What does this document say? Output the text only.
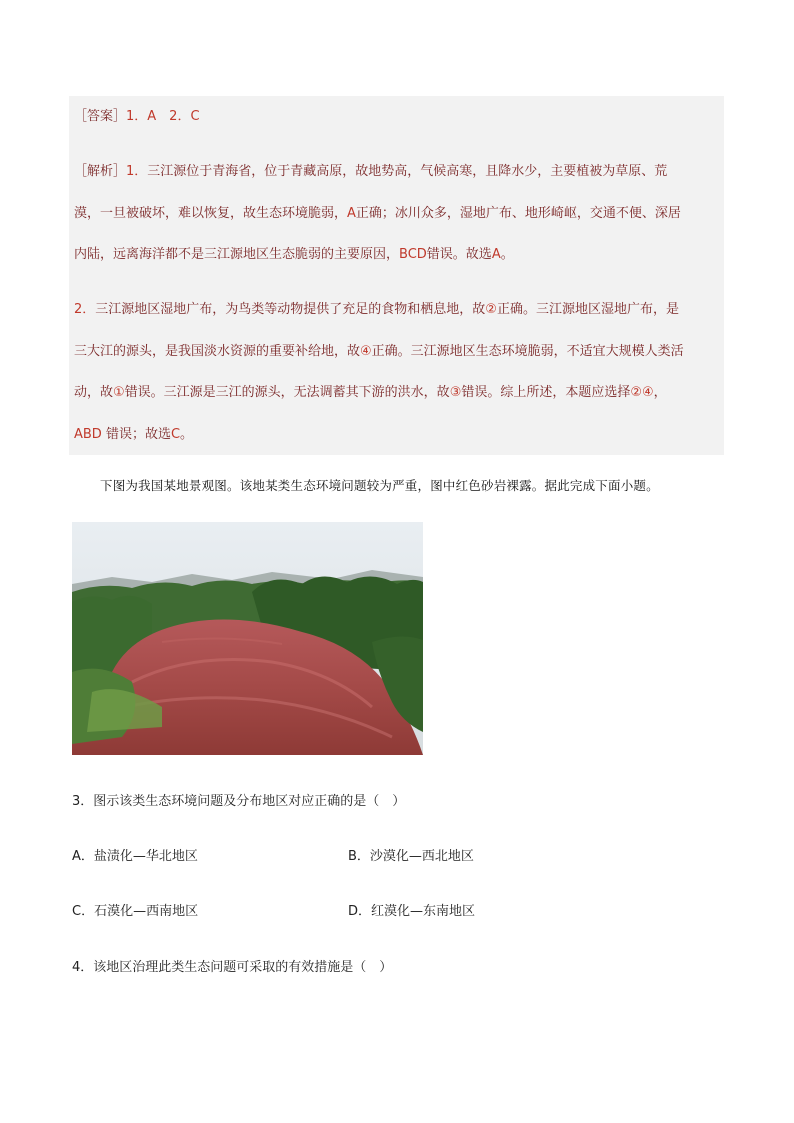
［答案］1．A　2．C
［解析］1．三江源位于青海省，位于青藏高原，故地势高，气候高寒，且降水少，主要植被为草原、荒
漠，一旦被破坏，难以恢复，故生态环境脆弱，A正确；冰川众多，湿地广布、地形崎岖，交通不便、深居
内陆，远离海洋都不是三江源地区生态脆弱的主要原因，BCD错误。故选A。
2．三江源地区湿地广布，为鸟类等动物提供了充足的食物和栖息地，故②正确。三江源地区湿地广布，是
三大江的源头，是我国淡水资源的重要补给地，故④正确。三江源地区生态环境脆弱，不适宜大规模人类活
动，故①错误。三江源是三江的源头，无法调蓄其下游的洪水，故③错误。综上所述，本题应选择②④，
ABD 错误；故选C。
下图为我国某地景观图。该地某类生态环境问题较为严重，图中红色砂岩裸露。据此完成下面小题。
3．图示该类生态环境问题及分布地区对应正确的是（　）
A．盐渍化—华北地区	B．沙漠化—西北地区
C．石漠化—西南地区	D．红漠化—东南地区
4．该地区治理此类生态问题可采取的有效措施是（　）
